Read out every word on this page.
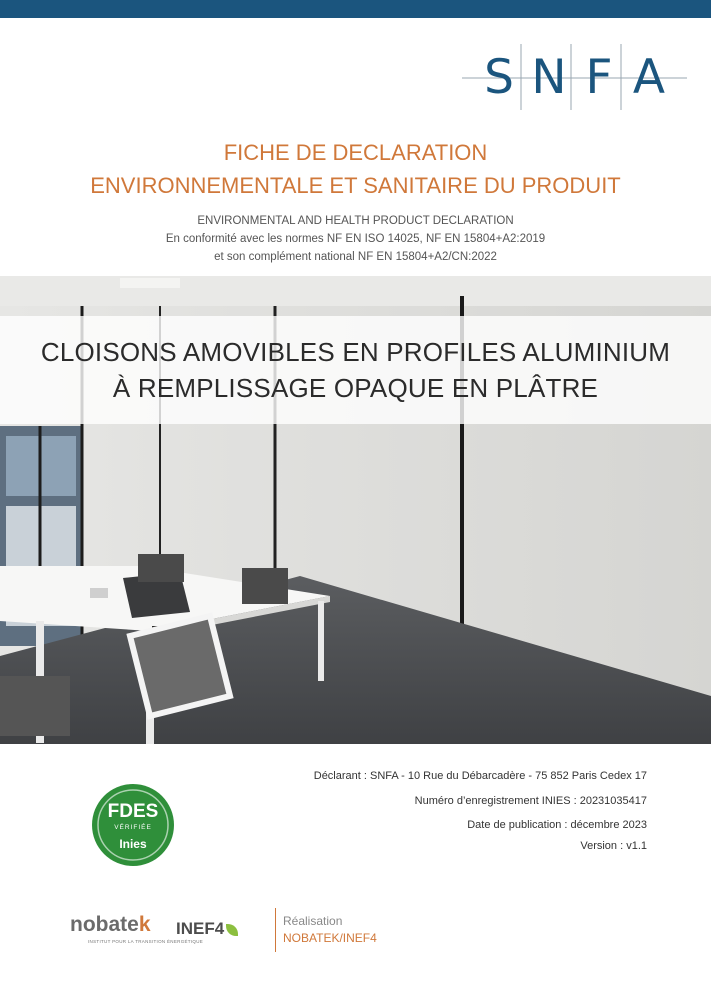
S N F A
FICHE DE DECLARATION
ENVIRONNEMENTALE ET SANITAIRE DU PRODUIT
ENVIRONMENTAL AND HEALTH PRODUCT DECLARATION
En conformité avec les normes NF EN ISO 14025, NF EN 15804+A2:2019
et son complément national NF EN 15804+A2/CN:2022
CLOISONS AMOVIBLES EN PROFILES ALUMINIUM
À REMPLISSAGE OPAQUE EN PLÂTRE
FDES
VÉRIFIÉE
Inies
Déclarant : SNFA - 10 Rue du Débarcadère - 75 852 Paris Cedex 17
Numéro d’enregistrement INIES : 20231035417
Date de publication : décembre 2023
Version : v1.1
nobatek
INSTITUT POUR LA TRANSITION ÉNERGÉTIQUE
INEF4	Réalisation
NOBATEK/INEF4
